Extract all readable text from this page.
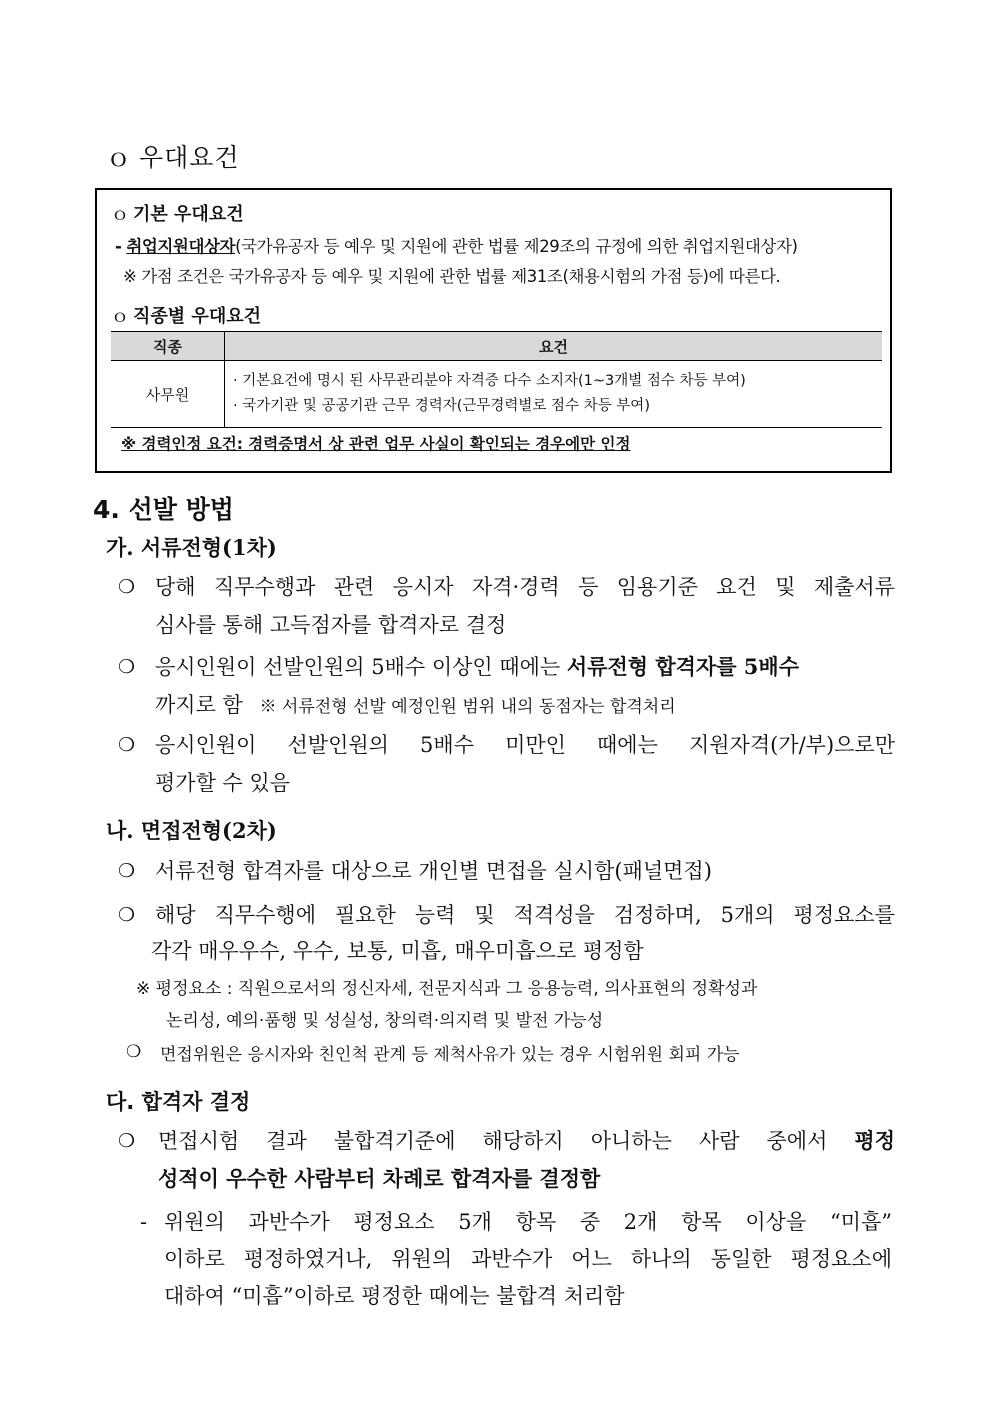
ｏ 우대요건
ｏ 기본 우대요건
- 취업지원대상자(국가유공자 등 예우 및 지원에 관한 법률 제29조의 규정에 의한 취업지원대상자)
※ 가점 조건은 국가유공자 등 예우 및 지원에 관한 법률 제31조(채용시험의 가점 등)에 따른다.
ｏ 직종별 우대요건
직종	요건
사무원	· 기본요건에 명시 된 사무관리분야 자격증 다수 소지자(1~3개별 점수 차등 부여)
· 국가기관 및 공공기관 근무 경력자(근무경력별로 점수 차등 부여)
※ 경력인정 요건: 경력증명서 상 관련 업무 사실이 확인되는 경우에만 인정
4. 선발 방법
가. 서류전형(1차)
❍ 당해 직무수행과 관련 응시자 자격·경력 등 임용기준 요건 및 제출서류
심사를 통해 고득점자를 합격자로 결정
❍ 응시인원이 선발인원의 5배수 이상인 때에는 서류전형 합격자를 5배수
까지로 함 ※ 서류전형 선발 예정인원 범위 내의 동점자는 합격처리
❍ 응시인원이 선발인원의 5배수 미만인 때에는 지원자격(가/부)으로만
평가할 수 있음
나. 면접전형(2차)
❍ 서류전형 합격자를 대상으로 개인별 면접을 실시함(패널면접)
❍ 해당 직무수행에 필요한 능력 및 적격성을 검정하며, 5개의 평정요소를
각각 매우우수, 우수, 보통, 미흡, 매우미흡으로 평정함
※ 평정요소 : 직원으로서의 정신자세, 전문지식과 그 응용능력, 의사표현의 정확성과
논리성, 예의·품행 및 성실성, 창의력·의지력 및 발전 가능성
❍ 면접위원은 응시자와 친인척 관계 등 제척사유가 있는 경우 시험위원 회피 가능
다. 합격자 결정
❍ 면접시험 결과 불합격기준에 해당하지 아니하는 사람 중에서 평정
성적이 우수한 사람부터 차례로 합격자를 결정함
- 위원의 과반수가 평정요소 5개 항목 중 2개 항목 이상을 “미흡”
이하로 평정하였거나, 위원의 과반수가 어느 하나의 동일한 평정요소에
대하여 “미흡”이하로 평정한 때에는 불합격 처리함
